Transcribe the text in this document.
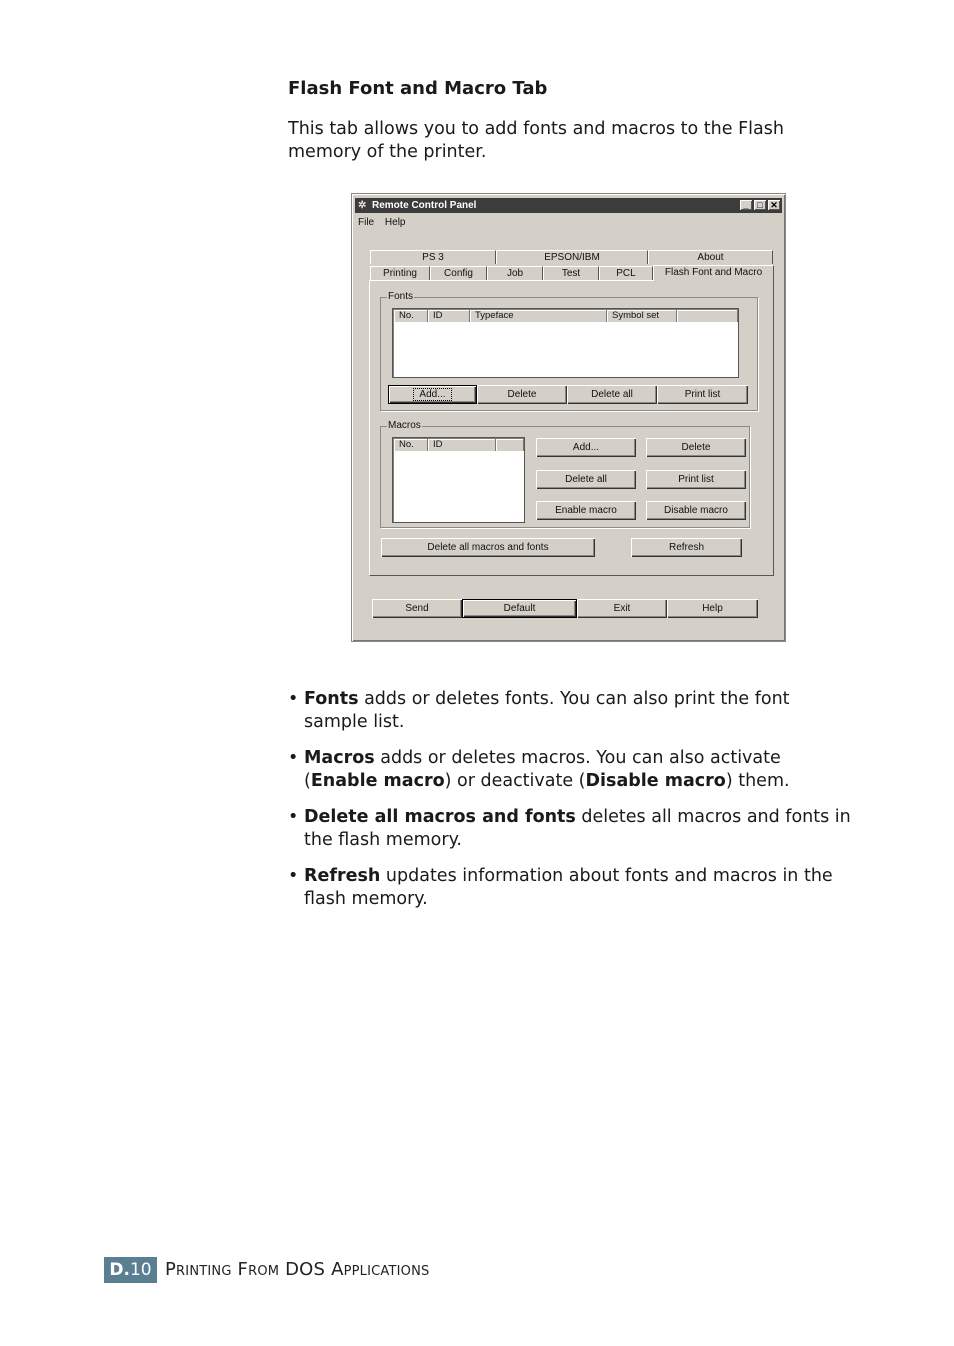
Flash Font and Macro Tab
This tab allows you to add fonts and macros to the Flash memory of the printer.
✲ Remote Control Panel	_ □ ✕
File Help
PS 3	EPSON/IBM	About
Printing	Config	Job	Test	PCL	Flash Font and Macro
Fonts
No.	ID	Typeface	Symbol set
Add...	Delete	Delete all	Print list
Macros
No.	ID	Add...	Delete
Delete all	Print list
Enable macro	Disable macro
Delete all macros and fonts	Refresh
Send	Default	Exit	Help
• Fonts adds or deletes fonts. You can also print the font sample list.
• Macros adds or deletes macros. You can also activate (Enable macro) or deactivate (Disable macro) them.
• Delete all macros and fonts deletes all macros and fonts in the flash memory.
• Refresh updates information about fonts and macros in the flash memory.
D.10 Printing From DOS Applications
